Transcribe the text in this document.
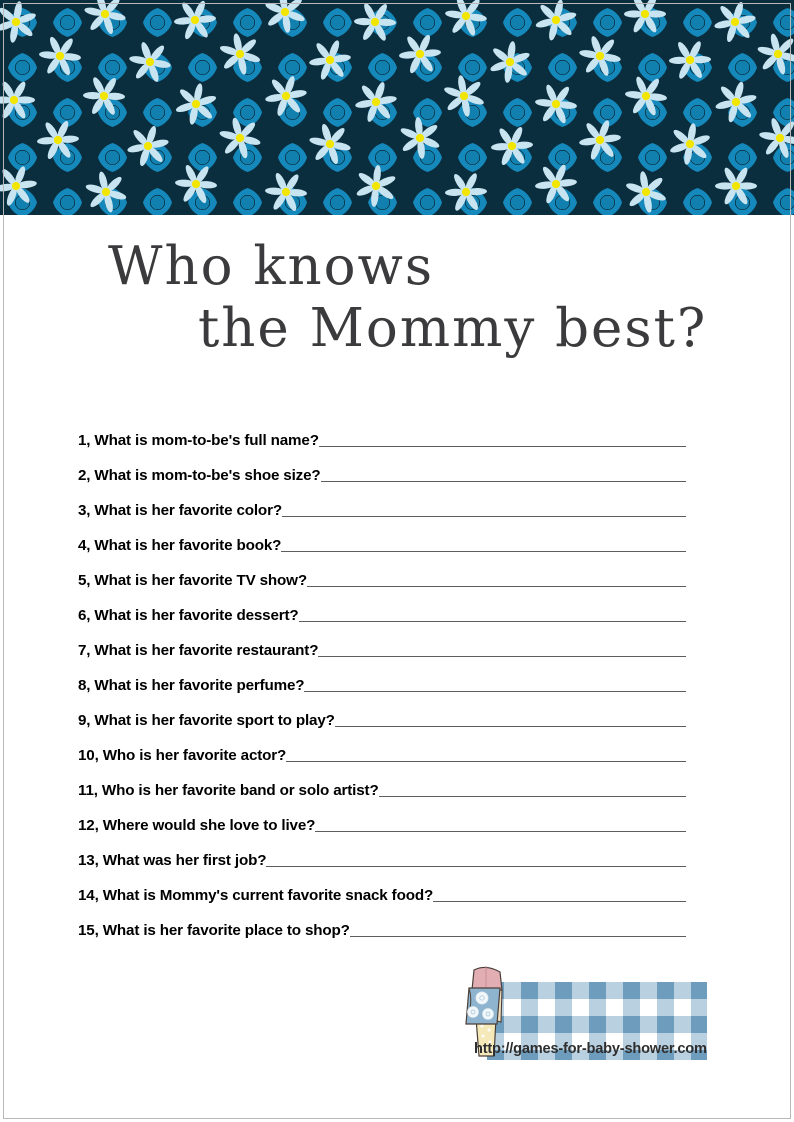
Who knows
the Mommy best?
1, What is mom-to-be's full name?
2, What is mom-to-be's shoe size?
3, What is her favorite color?
4, What is her favorite book?
5, What is her favorite TV show?
6, What is her favorite dessert?
7, What is her favorite restaurant?
8, What is her favorite perfume?
9, What is her favorite sport to play?
10, Who is her favorite actor?
11, Who is her favorite band or solo artist?
12, Where would she love to live?
13, What was her first job?
14, What is Mommy's current favorite snack food?
15, What is her favorite place to shop?
http://games-for-baby-shower.com
